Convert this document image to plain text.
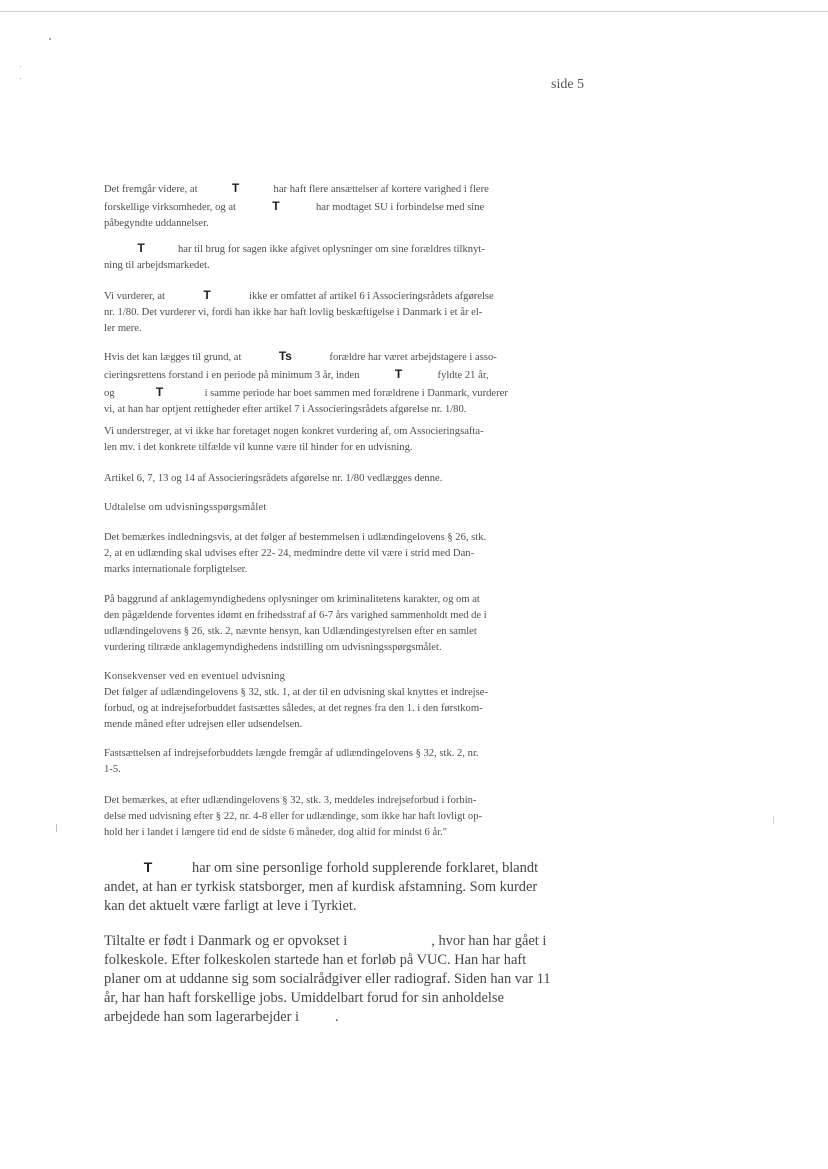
side 5

Det fremgår videre, at	T	har haft flere ansættelser af kortere varighed i flere

forskellige virksomheder, og at	T	har modtaget SU i forbindelse med sine

påbegyndte uddannelser.

T	har til brug for sagen ikke afgivet oplysninger om sine forældres tilknyt-

ning til arbejdsmarkedet.

Vi vurderer, at	T	ikke er omfattet af artikel 6 i Associeringsrådets afgørelse

nr. 1/80. Det vurderer vi, fordi han ikke har haft lovlig beskæftigelse i Danmark i et år el-

ler mere.

Hvis det kan lægges til grund, at	Ts	forældre har været arbejdstagere i asso-

cieringsrettens forstand i en periode på minimum 3 år, inden	T	fyldte 21 år,

og	T	i samme periode har boet sammen med forældrene i Danmark, vurderer

vi, at han har optjent rettigheder efter artikel 7 i Associeringsrådets afgørelse nr. 1/80.

Vi understreger, at vi ikke har foretaget nogen konkret vurdering af, om Associeringsafta-

len mv. i det konkrete tilfælde vil kunne være til hinder for en udvisning.

Artikel 6, 7, 13 og 14 af Associeringsrådets afgørelse nr. 1/80 vedlægges denne.

Udtalelse om udvisningsspørgsmålet

Det bemærkes indledningsvis, at det følger af bestemmelsen i udlændingelovens § 26, stk.

2, at en udlænding skal udvises efter 22- 24, medmindre dette vil være i strid med Dan-

marks internationale forpligtelser.

På baggrund af anklagemyndighedens oplysninger om kriminalitetens karakter, og om at

den pågældende forventes idømt en frihedsstraf af 6-7 års varighed sammenholdt med de i

udlændingelovens § 26, stk. 2, nævnte hensyn, kan Udlændingestyrelsen efter en samlet

vurdering tiltræde anklagemyndighedens indstilling om udvisningsspørgsmålet.

Konsekvenser ved en eventuel udvisning

Det følger af udlændingelovens § 32, stk. 1, at der til en udvisning skal knyttes et indrejse-

forbud, og at indrejseforbuddet fastsættes således, at det regnes fra den 1. i den førstkom-

mende måned efter udrejsen eller udsendelsen.

Fastsættelsen af indrejseforbuddets længde fremgår af udlændingelovens § 32, stk. 2, nr.

1-5.

Det bemærkes, at efter udlændingelovens § 32, stk. 3, meddeles indrejseforbud i forbin-

delse med udvisning efter § 22, nr. 4-8 eller for udlændinge, som ikke har haft lovligt op-

hold her i landet i længere tid end de sidste 6 måneder, dog altid for mindst 6 år."

T	har om sine personlige forhold supplerende forklaret, blandt

andet, at han er tyrkisk statsborger, men af kurdisk afstamning. Som kurder

kan det aktuelt være farligt at leve i Tyrkiet.

Tiltalte er født i Danmark og er opvokset i	, hvor han har gået i

folkeskole. Efter folkeskolen startede han et forløb på VUC. Han har haft

planer om at uddanne sig som socialrådgiver eller radiograf. Siden han var 11

år, har han haft forskellige jobs. Umiddelbart forud for sin anholdelse

arbejdede han som lagerarbejder i	.
